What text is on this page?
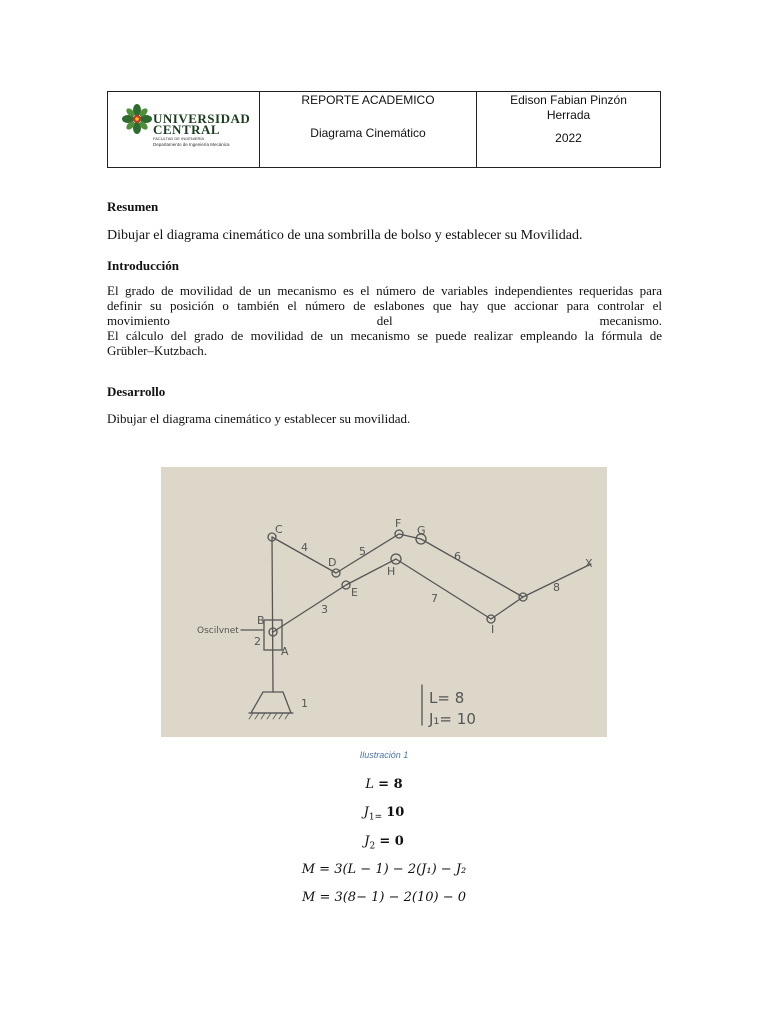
UNIVERSIDAD
CENTRAL
FACULTAD DE INGENIERÍA
Departamento de Ingeniería Mecánica

REPORTE ACADEMICO
Diagrama Cinemático

Edison Fabian Pinzón
Herrada
2022
Resumen
Dibujar el diagrama cinemático de una sombrilla de bolso y establecer su Movilidad.
Introducción
El grado de movilidad de un mecanismo es el número de variables independientes requeridas para
definir su posición o también el número de eslabones que hay que accionar para controlar el
movimiento	del	mecanismo.
El cálculo del grado de movilidad de un mecanismo se puede realizar empleando la fórmula de
Grübler–Kutzbach.
Desarrollo
Dibujar el diagrama cinemático y establecer su movilidad.
C	F
D
E
B
A
G
H
I
X
1
2
3
4	5	6
7
8
Oscilvnet
L= 8
J₁= 10
Ilustración 1
L = 8
$J_{1=}$ 10
$J_2 = 0$
M = 3(L − 1) − 2(J₁) − J₂
M = 3(8− 1) − 2(10) − 0
